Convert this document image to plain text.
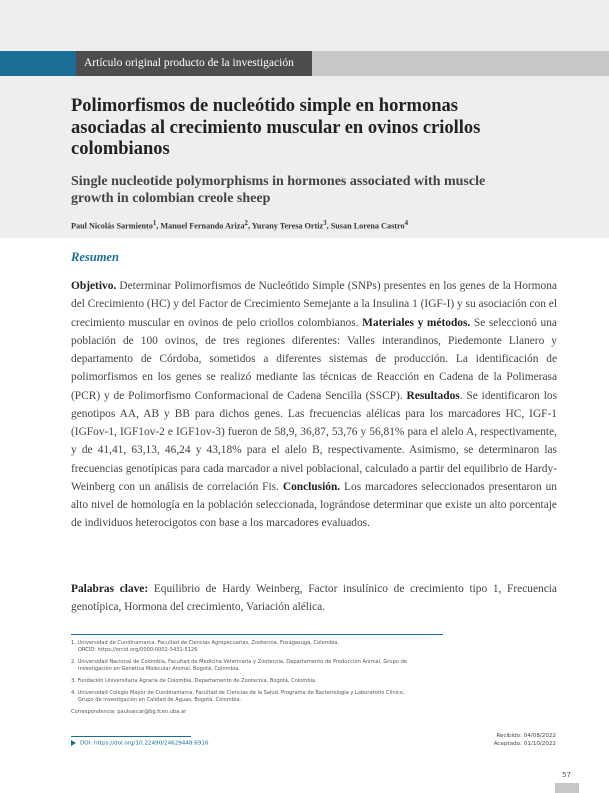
Artículo original producto de la investigación
Polimorfismos de nucleótido simple en hormonas asociadas al crecimiento muscular en ovinos criollos colombianos
Single nucleotide polymorphisms in hormones associated with muscle growth in colombian creole sheep
Paul Nicolás Sarmiento$^1$, Manuel Fernando Ariza$^2$, Yurany Teresa Ortiz$^3$, Susan Lorena Castro$^4$
Resumen

Objetivo. Determinar Polimorfismos de Nucleótido Simple (SNPs) presentes en los genes de la Hormona del Crecimiento (HC) y del Factor de Crecimiento Semejante a la Insulina 1 (IGF-I) y su asociación con el crecimiento muscular en ovinos de pelo criollos colombianos. Materiales y métodos. Se seleccionó una población de 100 ovinos, de tres regiones diferentes: Valles interandinos, Piedemonte Llanero y departamento de Córdoba, sometidos a diferentes sistemas de producción. La identificación de polimorfismos en los genes se realizó mediante las técnicas de Reacción en Cadena de la Polimerasa (PCR) y de Polimorfismo Conformacional de Cadena Sencilla (SSCP). Resultados. Se identificaron los genotipos AA, AB y BB para dichos genes. Las frecuencias alélicas para los marcadores HC, IGF-1 (IGFov-1, IGF1ov-2 e IGF1ov-3) fueron de 58,9, 36,87, 53,76 y 56,81% para el alelo A, respectivamente, y de 41,41, 63,13, 46,24 y 43,18% para el alelo B, respectivamente. Asimismo, se determinaron las frecuencias genotípicas para cada marcador a nivel poblacional, calculado a partir del equilibrio de Hardy-Weinberg con un análisis de correlación Fis. Conclusión. Los marcadores seleccionados presentaron un alto nivel de homología en la población seleccionada, lográndose determinar que existe un alto porcentaje de individuos heterocigotos con base a los marcadores evaluados.

Palabras clave: Equilibrio de Hardy Weinberg, Factor insulínico de crecimiento tipo 1, Frecuencia genotípica, Hormona del crecimiento, Variación alélica.

1. Universidad de Cundinamarca, Facultad de Ciencias Agropecuarias, Zootecnia, Fusagasugá, Colombia.
ORCID: https://orcid.org/0000-0002-5431-5126
2. Universidad Nacional de Colombia, Facultad de Medicina Veterinaria y Zootecnia, Departamento de Producción Animal, Grupo de
Investigación en Genética Molecular Animal, Bogotá, Colombia.
3. Fundación Universitaria Agraria de Colombia, Departamento de Zootecnia, Bogotá, Colombia.
4. Universidad Colegio Mayor de Cundinamarca, Facultad de Ciencias de la Salud, Programa de Bacteriología y Laboratorio Clínico,
Grupo de investigación en Calidad de Aguas, Bogotá, Colombia.
Correspondencia: paulsarcar@bg.fcen.uba.ar
DOI: https://doi.org/10.22490/24629448.6916
Recibido: 04/08/2022
Aceptado: 01/10/2022
57
